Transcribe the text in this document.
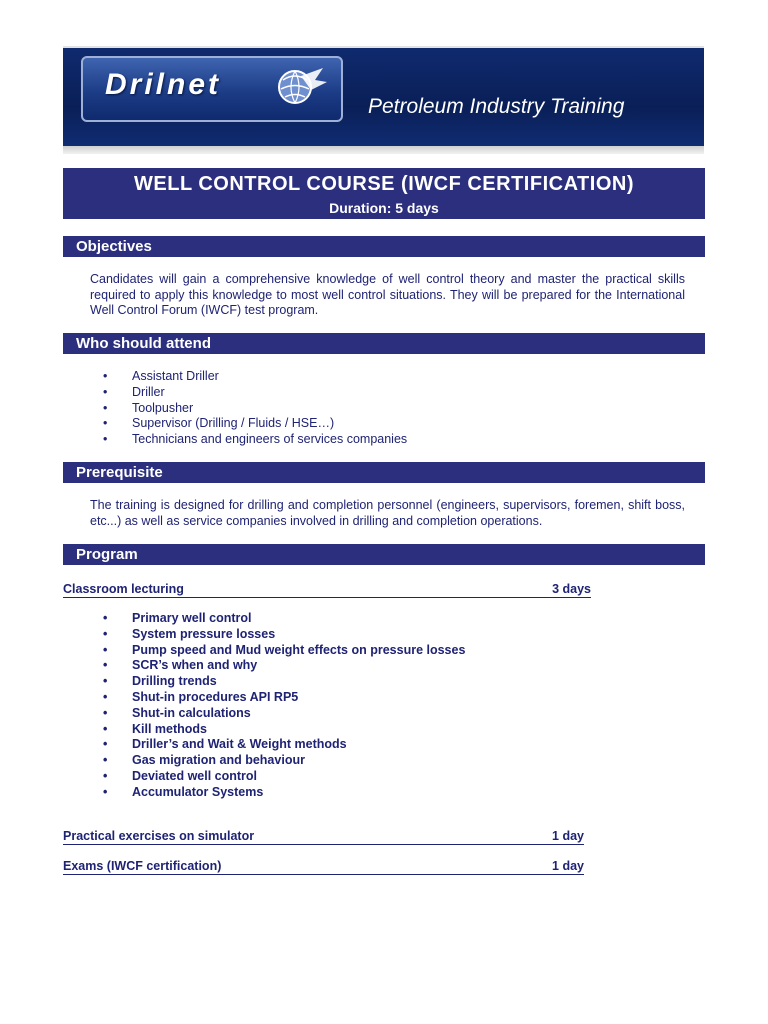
Drilnet
Petroleum Industry Training
WELL CONTROL COURSE (IWCF CERTIFICATION)
Duration: 5 days
Objectives

Candidates will gain a comprehensive knowledge of well control theory and master the practical skills required to apply this knowledge to most well control situations. They will be prepared for the International Well Control Forum (IWCF) test program.

Who should attend
• Assistant Driller
• Driller
• Toolpusher
• Supervisor (Drilling / Fluids / HSE…)
• Technicians and engineers of services companies
Prerequisite

The training is designed for drilling and completion personnel (engineers, supervisors, foremen, shift boss, etc...) as well as service companies involved in drilling and completion operations.

Program
Classroom lecturing	3 days
• Primary well control
• System pressure losses
• Pump speed and Mud weight effects on pressure losses
• SCR’s when and why
• Drilling trends
• Shut-in procedures API RP5
• Shut-in calculations
• Kill methods
• Driller’s and Wait & Weight methods
• Gas migration and behaviour
• Deviated well control
• Accumulator Systems
Practical exercises on simulator	1 day
Exams (IWCF certification)	1 day
